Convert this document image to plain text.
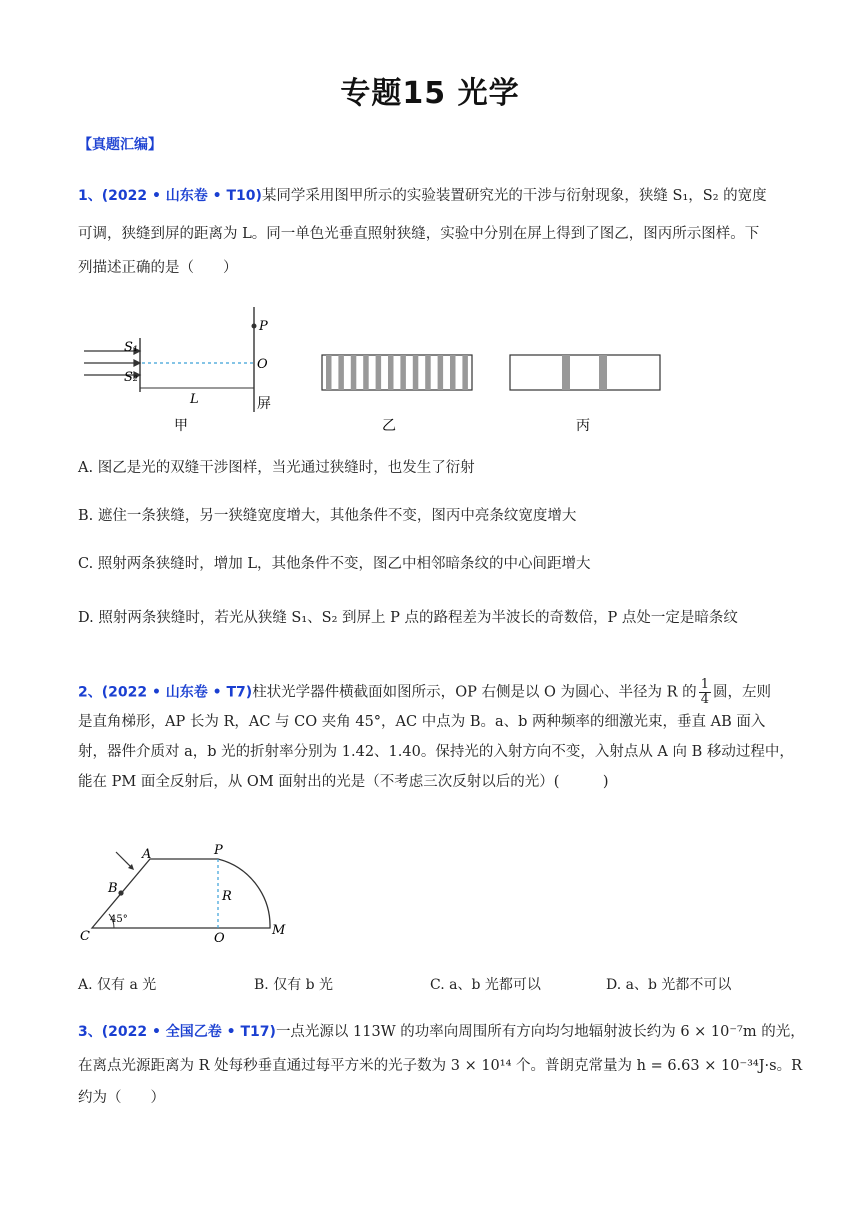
专题15 光学
【真题汇编】
1、(2022 • 山东卷 • T10)某同学采用图甲所示的实验装置研究光的干涉与衍射现象，狭缝 S₁，S₂ 的宽度
可调，狭缝到屏的距离为 L。同一单色光垂直照射狭缝，实验中分别在屏上得到了图乙，图丙所示图样。下
列描述正确的是（　　）
S₁
S₂
P
O
屏
L
甲	乙	丙
A. 图乙是光的双缝干涉图样，当光通过狭缝时，也发生了衍射
B. 遮住一条狭缝，另一狭缝宽度增大，其他条件不变，图丙中亮条纹宽度增大
C. 照射两条狭缝时，增加 L，其他条件不变，图乙中相邻暗条纹的中心间距增大
D. 照射两条狭缝时，若光从狭缝 S₁、S₂ 到屏上 P 点的路程差为半波长的奇数倍，P 点处一定是暗条纹
2、(2022 • 山东卷 • T7)柱状光学器件横截面如图所示，OP 右侧是以 O 为圆心、半径为 R 的 $\frac{1}{4}$ 圆，左则
是直角梯形，AP 长为 R，AC 与 CO 夹角 45°，AC 中点为 B。a、b 两种频率的细激光束，垂直 AB 面入
射，器件介质对 a，b 光的折射率分别为 1.42、1.40。保持光的入射方向不变，入射点从 A 向 B 移动过程中，
能在 PM 面全反射后，从 OM 面射出的光是（不考虑三次反射以后的光）(　　　)
A	P
B
R
45°
C	O
M
A. 仅有 a 光	B. 仅有 b 光	C. a、b 光都可以	D. a、b 光都不可以
3、(2022 • 全国乙卷 • T17)一点光源以 113W 的功率向周围所有方向均匀地辐射波长约为 6 × 10⁻⁷m 的光，
在离点光源距离为 R 处每秒垂直通过每平方米的光子数为 3 × 10¹⁴ 个。普朗克常量为 h = 6.63 × 10⁻³⁴J·s。R
约为（　　）
